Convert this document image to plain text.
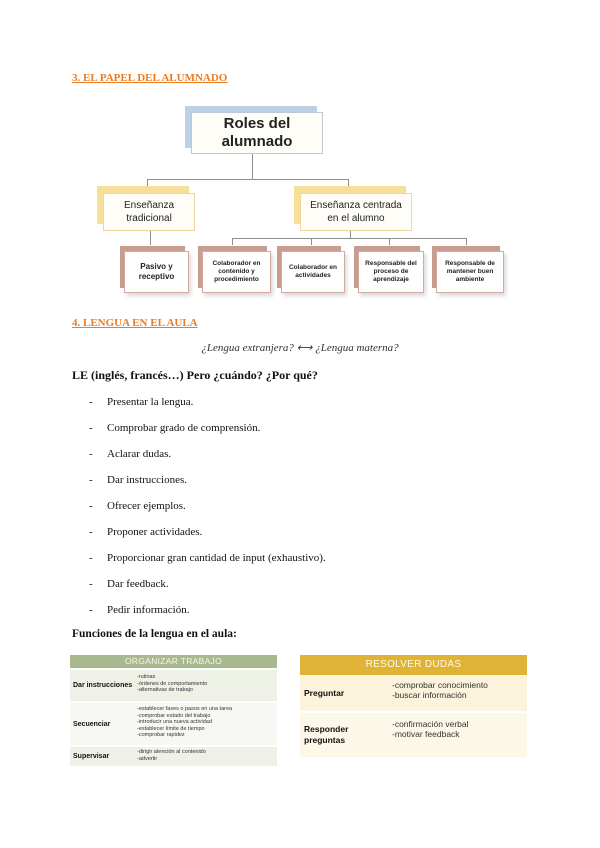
3. EL PAPEL DEL ALUMNADO
Roles del alumnado
Enseñanza tradicional
Enseñanza centrada en el alumno
Pasivo y receptivo
Colaborador en contenido y procedimiento
Colaborador en actividades
Responsable del proceso de aprendizaje
Responsable de mantener buen ambiente
4. LENGUA EN EL AULA
¿Lengua extranjera? ⟷ ¿Lengua materna?
LE (inglés, francés…) Pero ¿cuándo? ¿Por qué?
- Presentar la lengua.
- Comprobar grado de comprensión.
- Aclarar dudas.
- Dar instrucciones.
- Ofrecer ejemplos.
- Proponer actividades.
- Proporcionar gran cantidad de input (exhaustivo).
- Dar feedback.
- Pedir información.
Funciones de la lengua en el aula:
ORGANIZAR TRABAJO
Dar instrucciones
-rutinas
-órdenes de comportamiento
-alternativas de trabajo
Secuenciar
-establecer fases o pasos en una tarea
-comprobar estado del trabajo
-introducir una nueva actividad
-establecer límite de tiempo
-comprobar rapidez
Supervisar
-dirigir atención al contenido
-advertir
RESOLVER DUDAS
Preguntar
-comprobar conocimiento
-buscar información
Responder preguntas
-confirmación verbal
-motivar feedback
